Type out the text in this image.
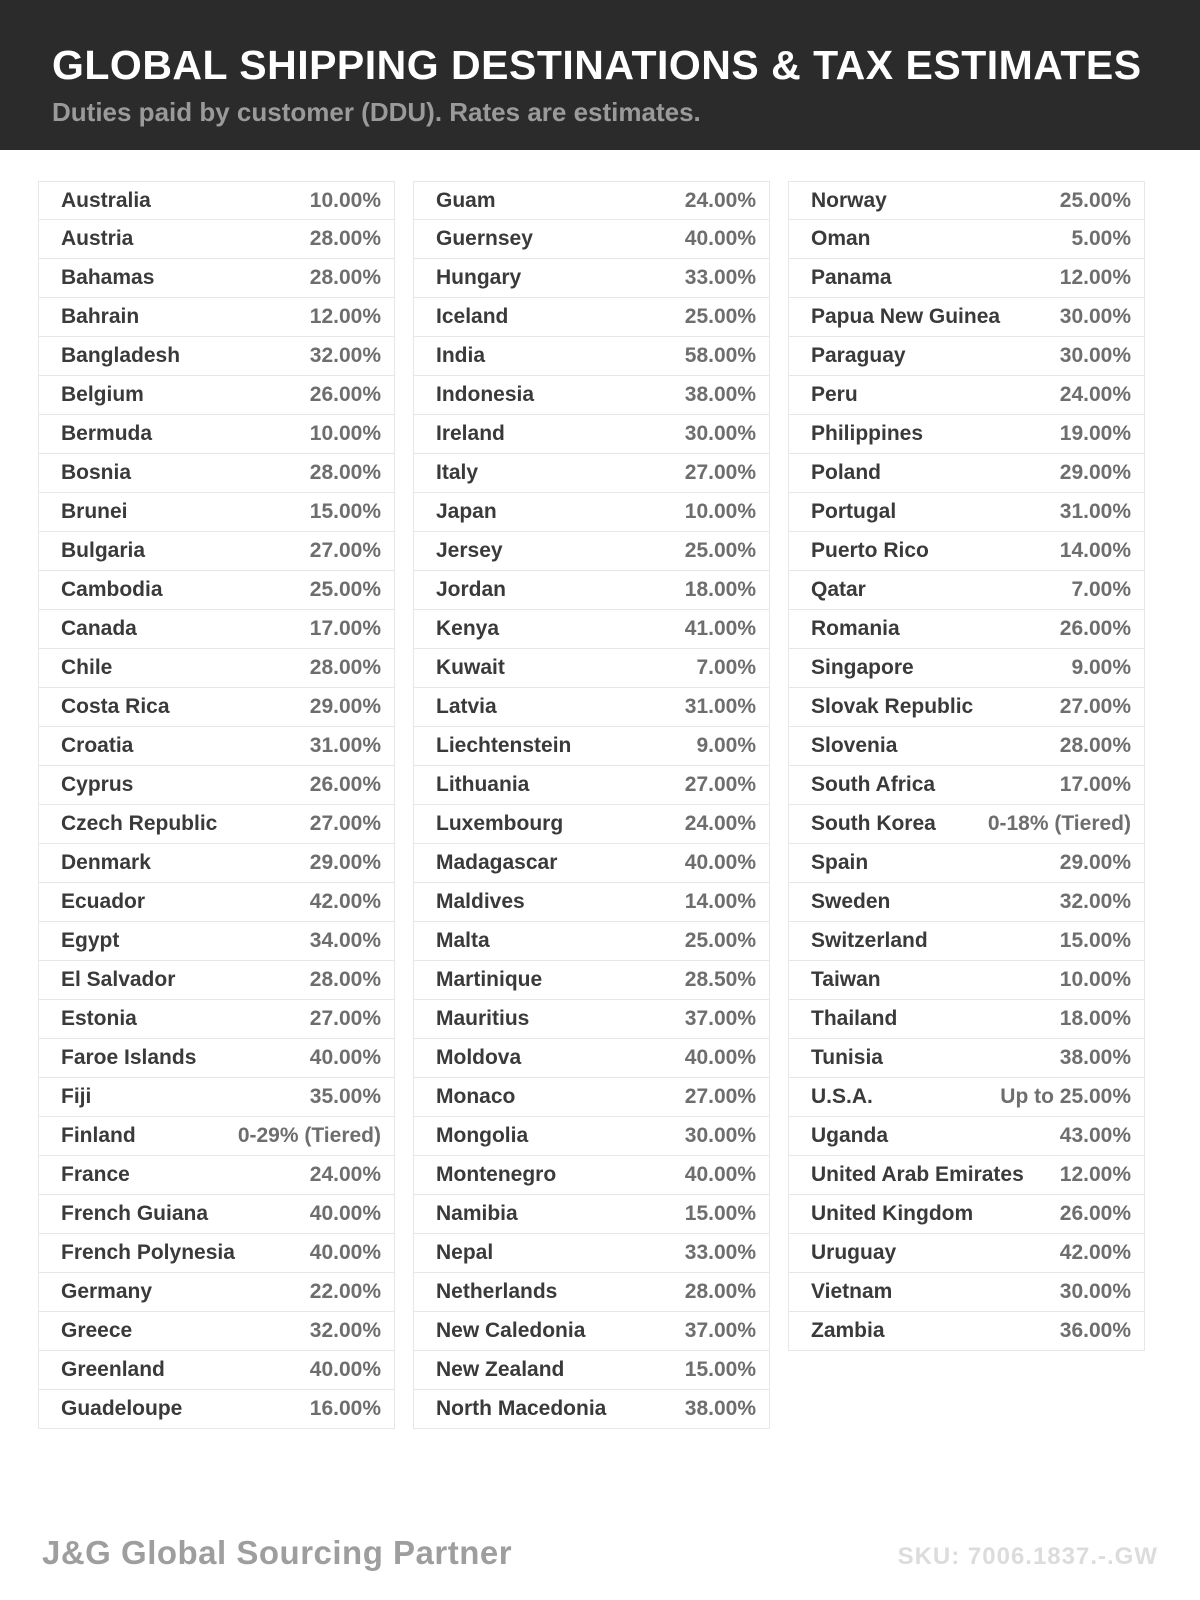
GLOBAL SHIPPING DESTINATIONS & TAX ESTIMATES
Duties paid by customer (DDU). Rates are estimates.
Australia	10.00%
Austria	28.00%
Bahamas	28.00%
Bahrain	12.00%
Bangladesh	32.00%
Belgium	26.00%
Bermuda	10.00%
Bosnia	28.00%
Brunei	15.00%
Bulgaria	27.00%
Cambodia	25.00%
Canada	17.00%
Chile	28.00%
Costa Rica	29.00%
Croatia	31.00%
Cyprus	26.00%
Czech Republic	27.00%
Denmark	29.00%
Ecuador	42.00%
Egypt	34.00%
El Salvador	28.00%
Estonia	27.00%
Faroe Islands	40.00%
Fiji	35.00%
Finland	0-29% (Tiered)
France	24.00%
French Guiana	40.00%
French Polynesia	40.00%
Germany	22.00%
Greece	32.00%
Greenland	40.00%
Guadeloupe	16.00%
Guam	24.00%
Guernsey	40.00%
Hungary	33.00%
Iceland	25.00%
India	58.00%
Indonesia	38.00%
Ireland	30.00%
Italy	27.00%
Japan	10.00%
Jersey	25.00%
Jordan	18.00%
Kenya	41.00%
Kuwait	7.00%
Latvia	31.00%
Liechtenstein	9.00%
Lithuania	27.00%
Luxembourg	24.00%
Madagascar	40.00%
Maldives	14.00%
Malta	25.00%
Martinique	28.50%
Mauritius	37.00%
Moldova	40.00%
Monaco	27.00%
Mongolia	30.00%
Montenegro	40.00%
Namibia	15.00%
Nepal	33.00%
Netherlands	28.00%
New Caledonia	37.00%
New Zealand	15.00%
North Macedonia	38.00%
Norway	25.00%
Oman	5.00%
Panama	12.00%
Papua New Guinea	30.00%
Paraguay	30.00%
Peru	24.00%
Philippines	19.00%
Poland	29.00%
Portugal	31.00%
Puerto Rico	14.00%
Qatar	7.00%
Romania	26.00%
Singapore	9.00%
Slovak Republic	27.00%
Slovenia	28.00%
South Africa	17.00%
South Korea 0-18% (Tiered)
Spain	29.00%
Sweden	32.00%
Switzerland	15.00%
Taiwan	10.00%
Thailand	18.00%
Tunisia	38.00%
U.S.A.	Up to 25.00%
Uganda	43.00%
United Arab Emirates 12.00%
United Kingdom	26.00%
Uruguay	42.00%
Vietnam	30.00%
Zambia	36.00%
J&G Global Sourcing Partner	SKU: 7006.1837.-.GW
